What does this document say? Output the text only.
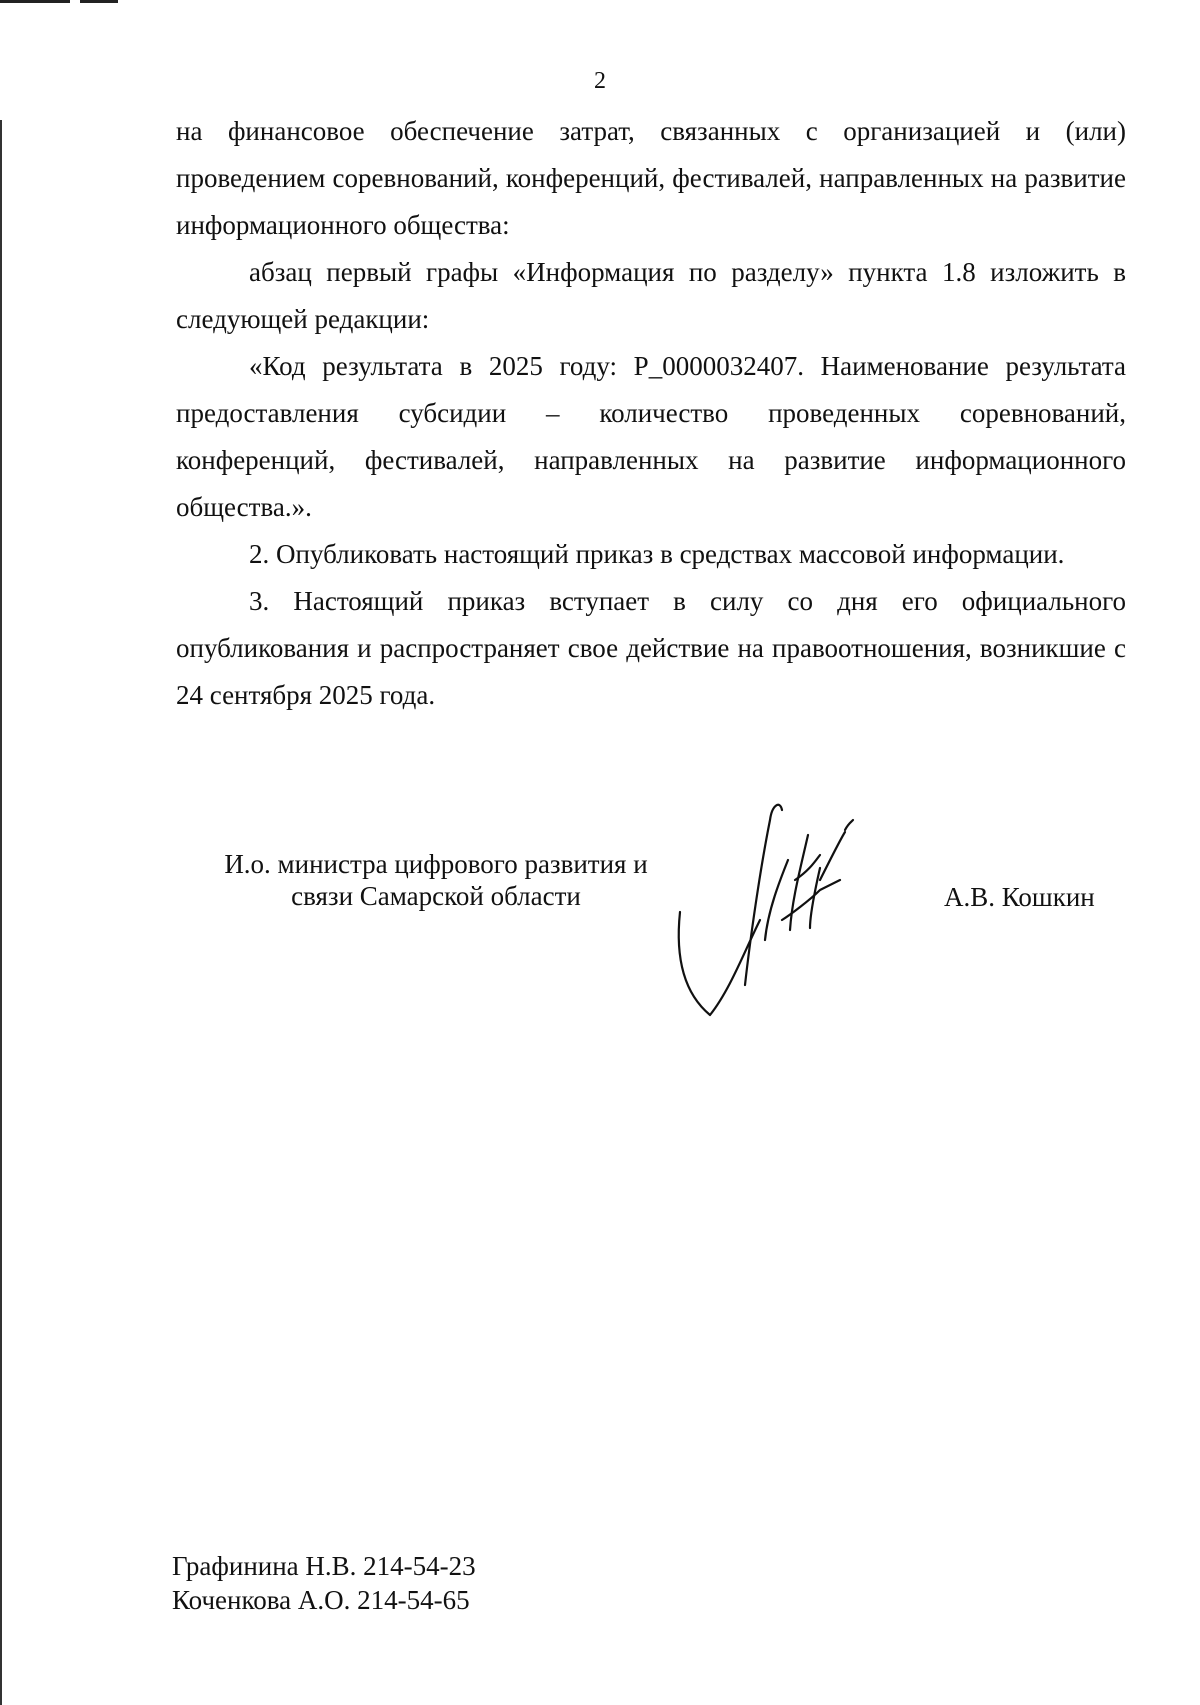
2

на финансовое обеспечение затрат, связанных с организацией и (или) проведением соревнований, конференций, фестивалей, направленных на развитие информационного общества:

абзац первый графы «Информация по разделу» пункта 1.8 изложить в следующей редакции:

«Код результата в 2025 году: P_0000032407. Наименование результата предоставления субсидии – количество проведенных соревнований, конференций, фестивалей, направленных на развитие информационного общества.».

2. Опубликовать настоящий приказ в средствах массовой информации.

3. Настоящий приказ вступает в силу со дня его официального опубликования и распространяет свое действие на правоотношения, возникшие с 24 сентября 2025 года.

И.о. министра цифрового развития и
связи Самарской области	А.В. Кошкин
Графинина Н.В. 214-54-23
Коченкова А.О. 214-54-65
